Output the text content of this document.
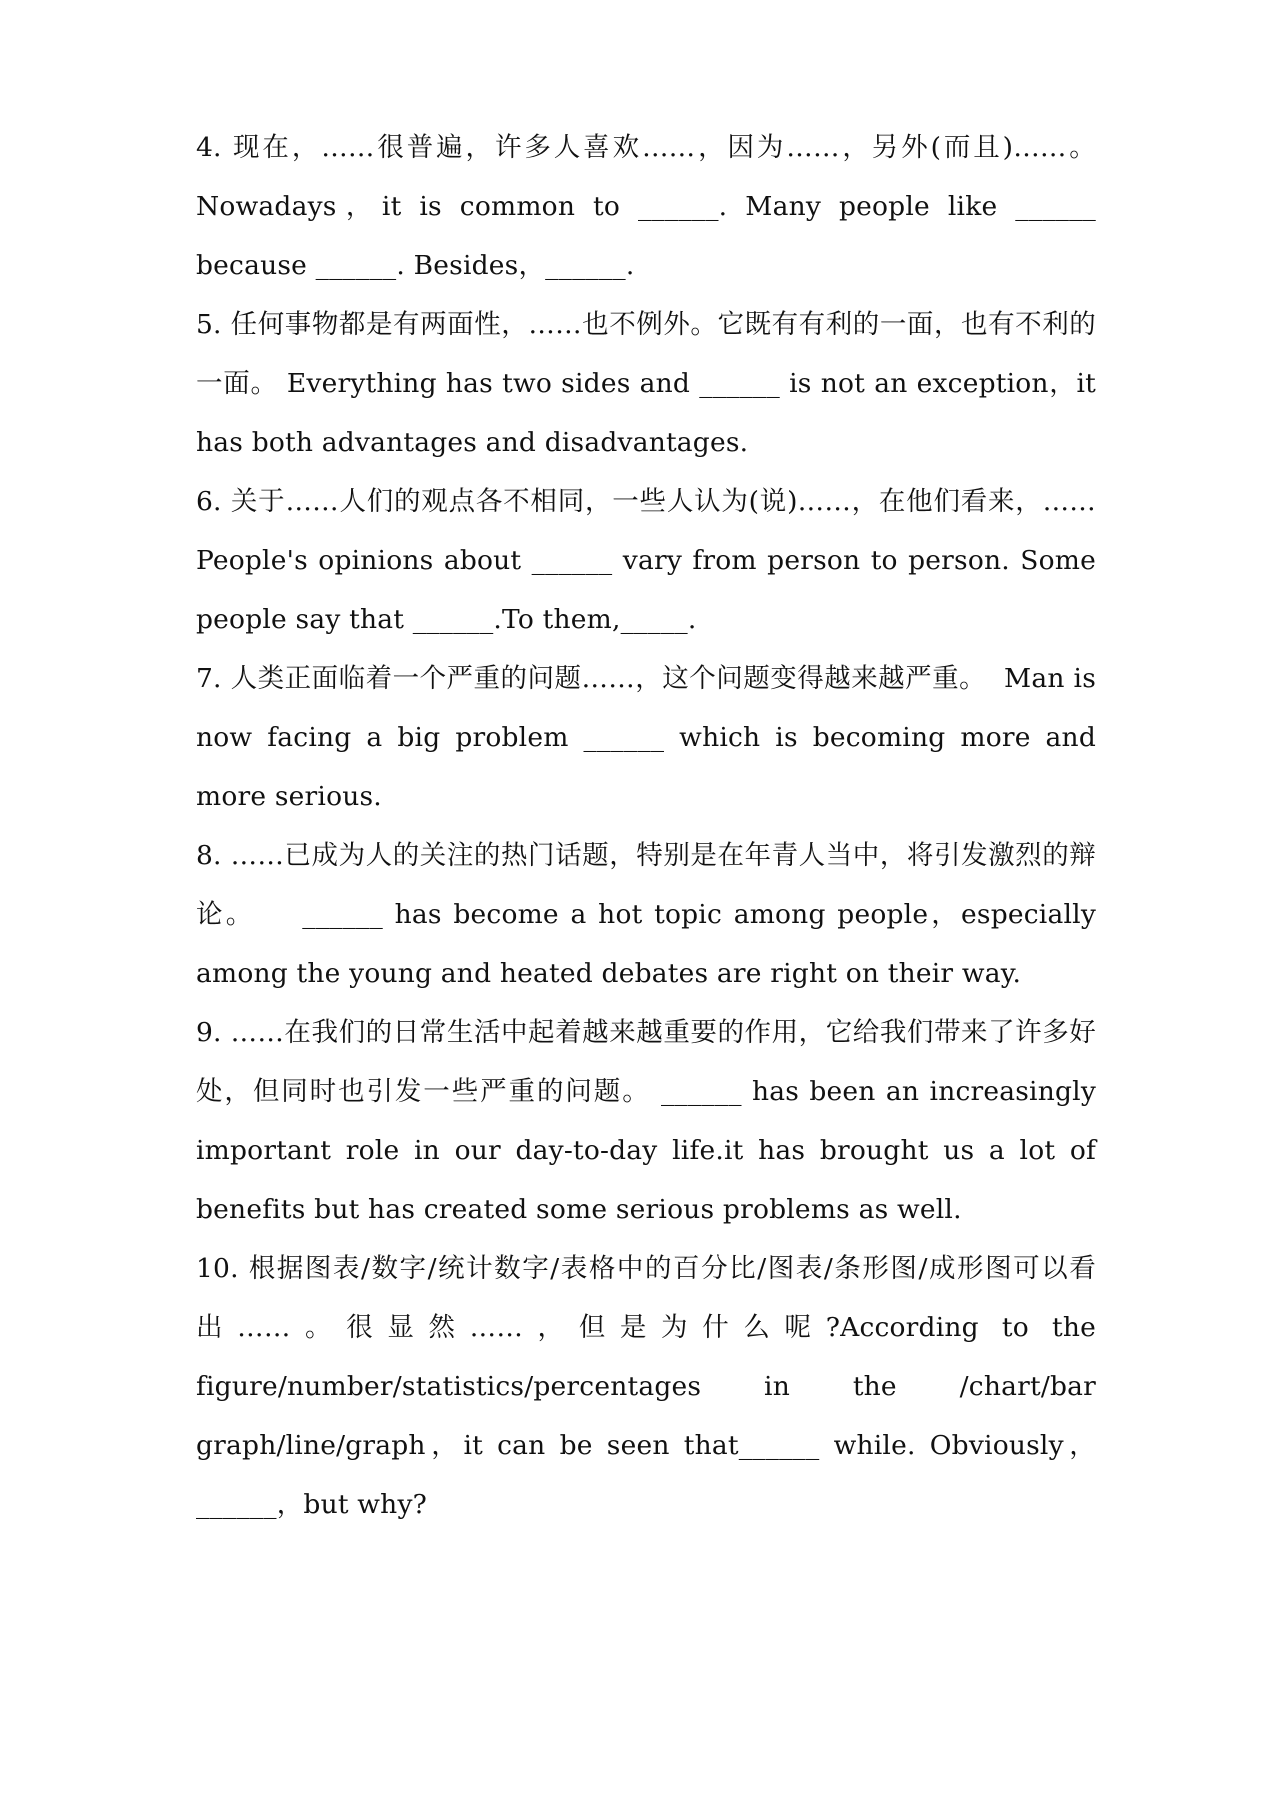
4. 现在，……很普遍，许多人喜欢……，因为……，另外(而且)……。 Nowadays，it is common to ______. Many people like ______ because ______. Besides，______.

5. 任何事物都是有两面性，……也不例外。它既有有利的一面，也有不利的一面。 Everything has two sides and ______ is not an exception，it has both advantages and disadvantages.

6. 关于……人们的观点各不相同，一些人认为(说)……，在他们看来，……    People's opinions about ______ vary from person to person. Some people say that ______.To them,_____.

7. 人类正面临着一个严重的问题……，这个问题变得越来越严重。  Man is now facing a big problem ______ which is becoming more and more serious.

8. ……已成为人的关注的热门话题，特别是在年青人当中，将引发激烈的辩论。    ______ has become a hot topic among people，especially among the young and heated debates are right on their way.

9. ……在我们的日常生活中起着越来越重要的作用，它给我们带来了许多好处，但同时也引发一些严重的问题。 ______ has been an increasingly important role in our day-to-day life.it has brought us a lot of benefits but has created some serious problems as well.

10. 根据图表/数字/统计数字/表格中的百分比/图表/条形图/成形图可以看出……。很显然……，但是为什么呢?According to the figure/number/statistics/percentages in the /chart/bar graph/line/graph，it can be seen that______ while. Obviously，______，but why?
